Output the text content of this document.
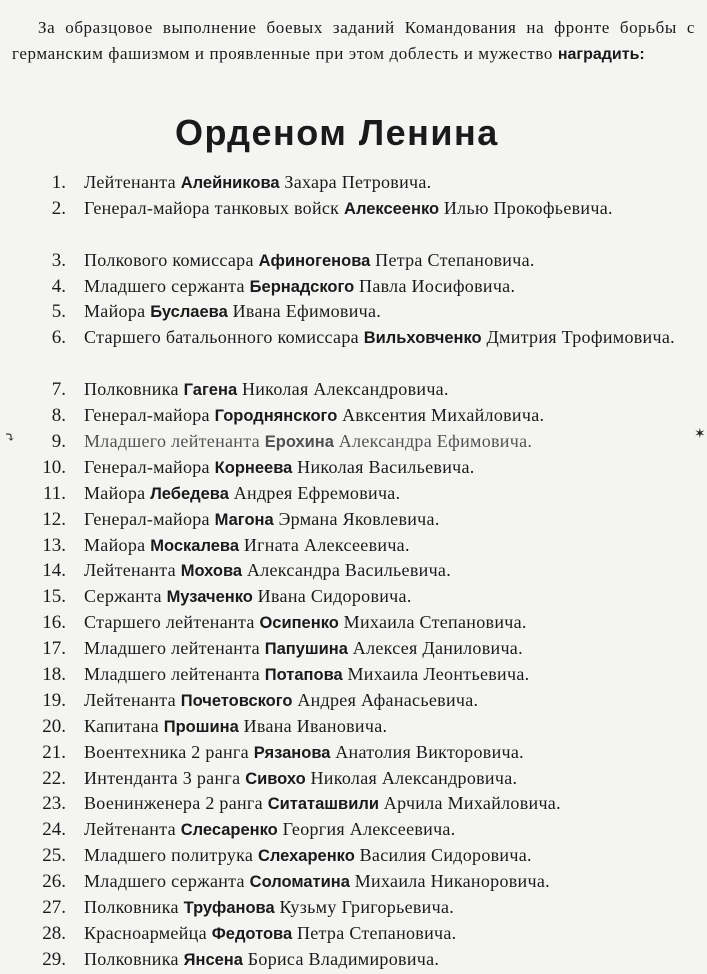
За образцовое выполнение боевых заданий Командования на фронте борьбы с германским фашизмом и проявленные при этом доблесть и мужество наградить:
Орденом Ленина
1. Лейтенанта Алейникова Захара Петровича.
2. Генерал-майора танковых войск Алексеенко Илью Прокофьевича.
3. Полкового комиссара Афиногенова Петра Степановича.
4. Младшего сержанта Бернадского Павла Иосифовича.
5. Майора Буслаева Ивана Ефимовича.
6. Старшего батальонного комиссара Вильховченко Дмитрия Трофимовича.
7. Полковника Гагена Николая Александровича.
8. Генерал-майора Городнянского Авксентия Михайловича.
9. Младшего лейтенанта Ерохина Александра Ефимовича.
10. Генерал-майора Корнеева Николая Васильевича.
11. Майора Лебедева Андрея Ефремовича.
12. Генерал-майора Магона Эрмана Яковлевича.
13. Майора Москалева Игната Алексеевича.
14. Лейтенанта Мохова Александра Васильевича.
15. Сержанта Музаченко Ивана Сидоровича.
16. Старшего лейтенанта Осипенко Михаила Степановича.
17. Младшего лейтенанта Папушина Алексея Даниловича.
18. Младшего лейтенанта Потапова Михаила Леонтьевича.
19. Лейтенанта Почетовского Андрея Афанасьевича.
20. Капитана Прошина Ивана Ивановича.
21. Воентехника 2 ранга Рязанова Анатолия Викторовича.
22. Интенданта 3 ранга Сивохо Николая Александровича.
23. Военинженера 2 ранга Ситаташвили Арчила Михайловича.
24. Лейтенанта Слесаренко Георгия Алексеевича.
25. Младшего политрука Слехаренко Василия Сидоровича.
26. Младшего сержанта Соломатина Михаила Никаноровича.
27. Полковника Труфанова Кузьму Григорьевича.
28. Красноармейца Федотова Петра Степановича.
29. Полковника Янсена Бориса Владимировича.
⤵	✶
